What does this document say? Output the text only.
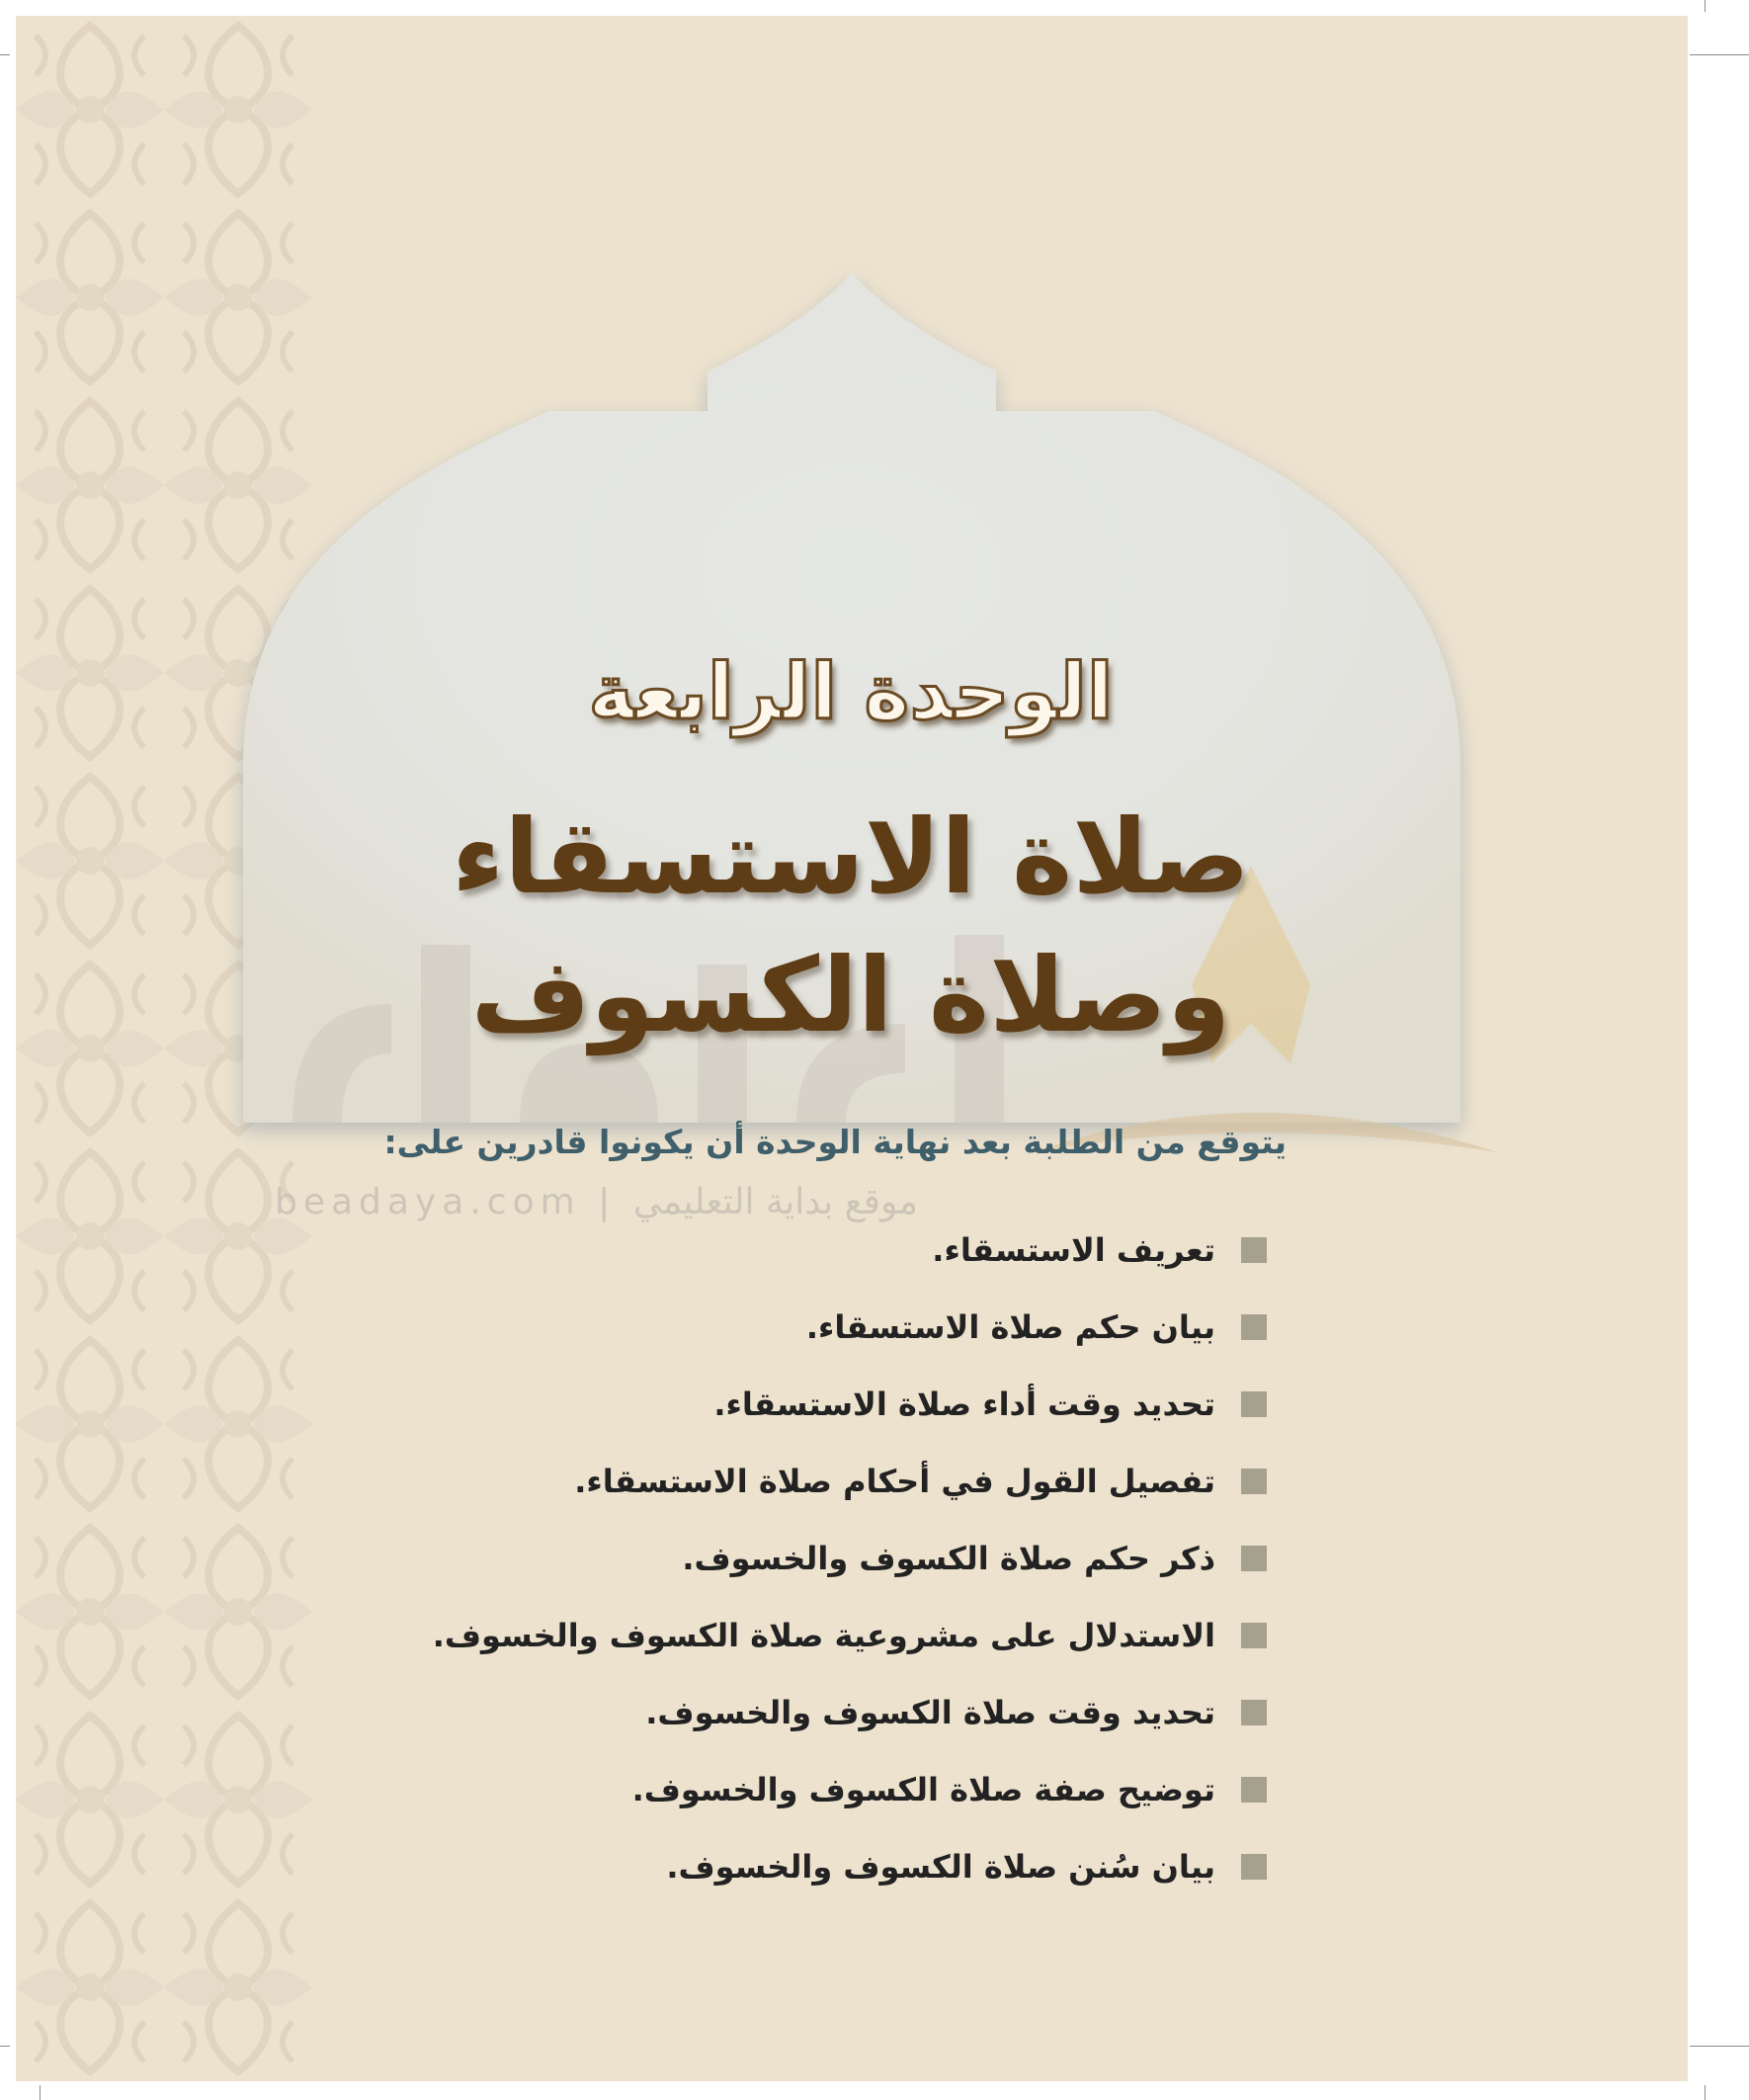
beadaya.com | موقع بداية التعليمي
الوحدة الرابعة
صلاة الاستسقاء
وصلاة الكسوف
يتوقع من الطلبة بعد نهاية الوحدة أن يكونوا قادرين على:
تعريف الاستسقاء.
بيان حكم صلاة الاستسقاء.
تحديد وقت أداء صلاة الاستسقاء.
تفصيل القول في أحكام صلاة الاستسقاء.
ذكر حكم صلاة الكسوف والخسوف.
الاستدلال على مشروعية صلاة الكسوف والخسوف.
تحديد وقت صلاة الكسوف والخسوف.
توضيح صفة صلاة الكسوف والخسوف.
بيان سُنن صلاة الكسوف والخسوف.
